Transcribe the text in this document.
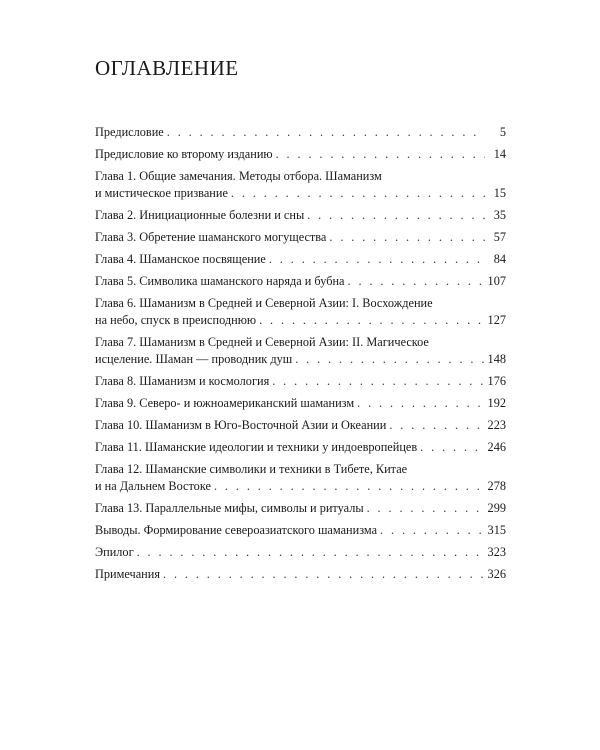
ОГЛАВЛЕНИЕ
Предисловие . . .	5
Предисловие ко второму изданию . . .	14
Глава 1. Общие замечания. Методы отбора. Шаманизм
и мистическое призвание . . .	15
Глава 2. Инициационные болезни и сны . . .	35
Глава 3. Обретение шаманского могущества . . .	57
Глава 4. Шаманское посвящение . . .	84
Глава 5. Символика шаманского наряда и бубна . . .	107
Глава 6. Шаманизм в Средней и Северной Азии: I. Восхождение
на небо, спуск в преисподнюю . . .	127
Глава 7. Шаманизм в Средней и Северной Азии: II. Магическое
исцеление. Шаман — проводник душ . . .	148
Глава 8. Шаманизм и космология . . .	176
Глава 9. Северо- и южноамериканский шаманизм . . .	192
Глава 10. Шаманизм в Юго-Восточной Азии и Океании . . .	223
Глава 11. Шаманские идеологии и техники у индоевропейцев . . .	246
Глава 12. Шаманские символики и техники в Тибете, Китае
и на Дальнем Востоке . . .	278
Глава 13. Параллельные мифы, символы и ритуалы . . .	299
Выводы. Формирование североазиатского шаманизма . . .	315
Эпилог . . .	323
Примечания . . .	326
